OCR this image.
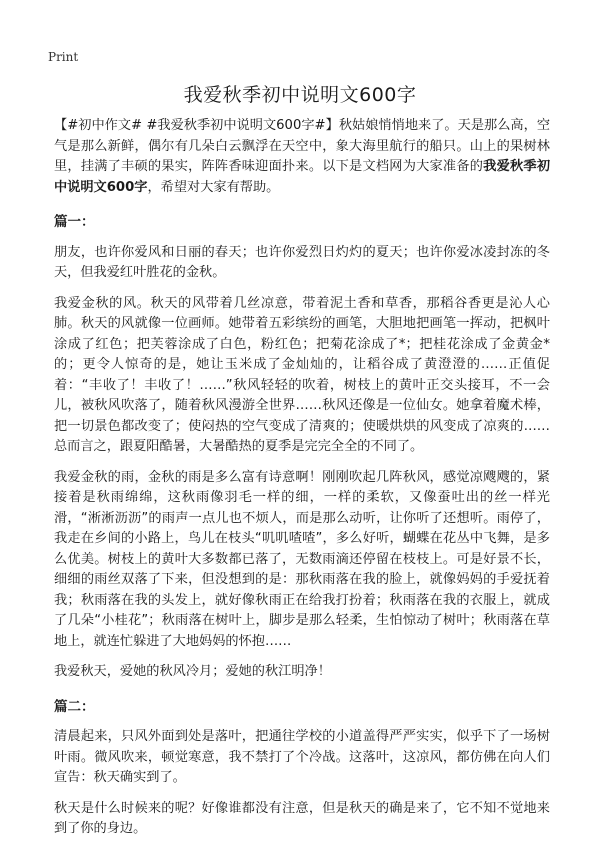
Print
我爱秋季初中说明文600字

【#初中作文# #我爱秋季初中说明文600字#】秋姑娘悄悄地来了。天是那么高，空气是那么新鲜，偶尔有几朵白云飘浮在天空中，象大海里航行的船只。山上的果树林里，挂满了丰硕的果实，阵阵香味迎面扑来。以下是文档网为大家准备的我爱秋季初中说明文600字，希望对大家有帮助。

篇一：

朋友，也许你爱风和日丽的春天；也许你爱烈日灼灼的夏天；也许你爱冰凌封冻的冬天，但我爱红叶胜花的金秋。

我爱金秋的风。秋天的风带着几丝凉意，带着泥土香和草香，那稻谷香更是沁人心肺。秋天的风就像一位画师。她带着五彩缤纷的画笔，大胆地把画笔一挥动，把枫叶涂成了红色；把芙蓉涂成了白色，粉红色；把菊花涂成了*；把桂花涂成了金黄金*的；更令人惊奇的是，她让玉米成了金灿灿的，让稻谷成了黄澄澄的……正值促着：“丰收了！丰收了！……”秋风轻轻的吹着，树枝上的黄叶正交头接耳，不一会儿，被秋风吹落了，随着秋风漫游全世界……秋风还像是一位仙女。她拿着魔术棒，把一切景色都改变了；使闷热的空气变成了清爽的；使暖烘烘的风变成了凉爽的……总而言之，跟夏阳酷暑，大暑酷热的夏季是完完全全的不同了。

我爱金秋的雨，金秋的雨是多么富有诗意啊！刚刚吹起几阵秋风，感觉凉飕飕的，紧接着是秋雨绵绵，这秋雨像羽毛一样的细，一样的柔软，又像蚕吐出的丝一样光滑，“淅淅沥沥”的雨声一点儿也不烦人，而是那么动听，让你听了还想听。雨停了，我走在乡间的小路上，鸟儿在枝头“叽叽喳喳”，多么好听，蝴蝶在花丛中飞舞，是多么优美。树枝上的黄叶大多数都已落了，无数雨滴还停留在枝枝上。可是好景不长，细细的雨丝双落了下来，但没想到的是：那秋雨落在我的脸上，就像妈妈的手爱抚着我；秋雨落在我的头发上，就好像秋雨正在给我打扮着；秋雨落在我的衣服上，就成了几朵“小桂花”；秋雨落在树叶上，脚步是那么轻柔，生怕惊动了树叶；秋雨落在草地上，就连忙躲进了大地妈妈的怀抱……

我爱秋天，爱她的秋风冷月；爱她的秋江明净！

篇二：

清晨起来，只风外面到处是落叶，把通往学校的小道盖得严严实实，似乎下了一场树叶雨。微风吹来，顿觉寒意，我不禁打了个冷战。这落叶，这凉风，都仿佛在向人们宣告：秋天确实到了。

秋天是什么时候来的呢？好像谁都没有注意，但是秋天的确是来了，它不知不觉地来到了你的身边。
